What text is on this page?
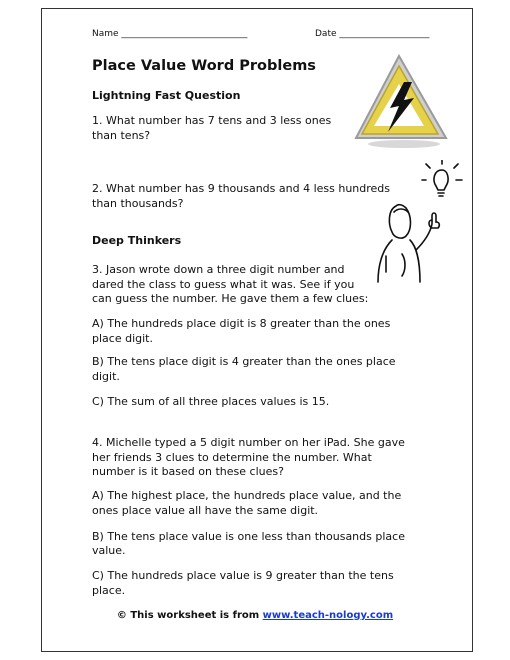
Name ____________________________	Date ____________________
Place Value Word Problems
Lightning Fast Question
1. What number has 7 tens and 3 less ones
than tens?
2. What number has 9 thousands and 4 less hundreds
than thousands?
Deep Thinkers
3. Jason wrote down a three digit number and
dared the class to guess what it was. See if you
can guess the number. He gave them a few clues:
A) The hundreds place digit is 8 greater than the ones
place digit.
B) The tens place digit is 4 greater than the ones place
digit.
C) The sum of all three places values is 15.
4. Michelle typed a 5 digit number on her iPad. She gave
her friends 3 clues to determine the number. What
number is it based on these clues?
A) The highest place, the hundreds place value, and the
ones place value all have the same digit.
B) The tens place value is one less than thousands place
value.
C) The hundreds place value is 9 greater than the tens
place.
© This worksheet is from www.teach-nology.com
